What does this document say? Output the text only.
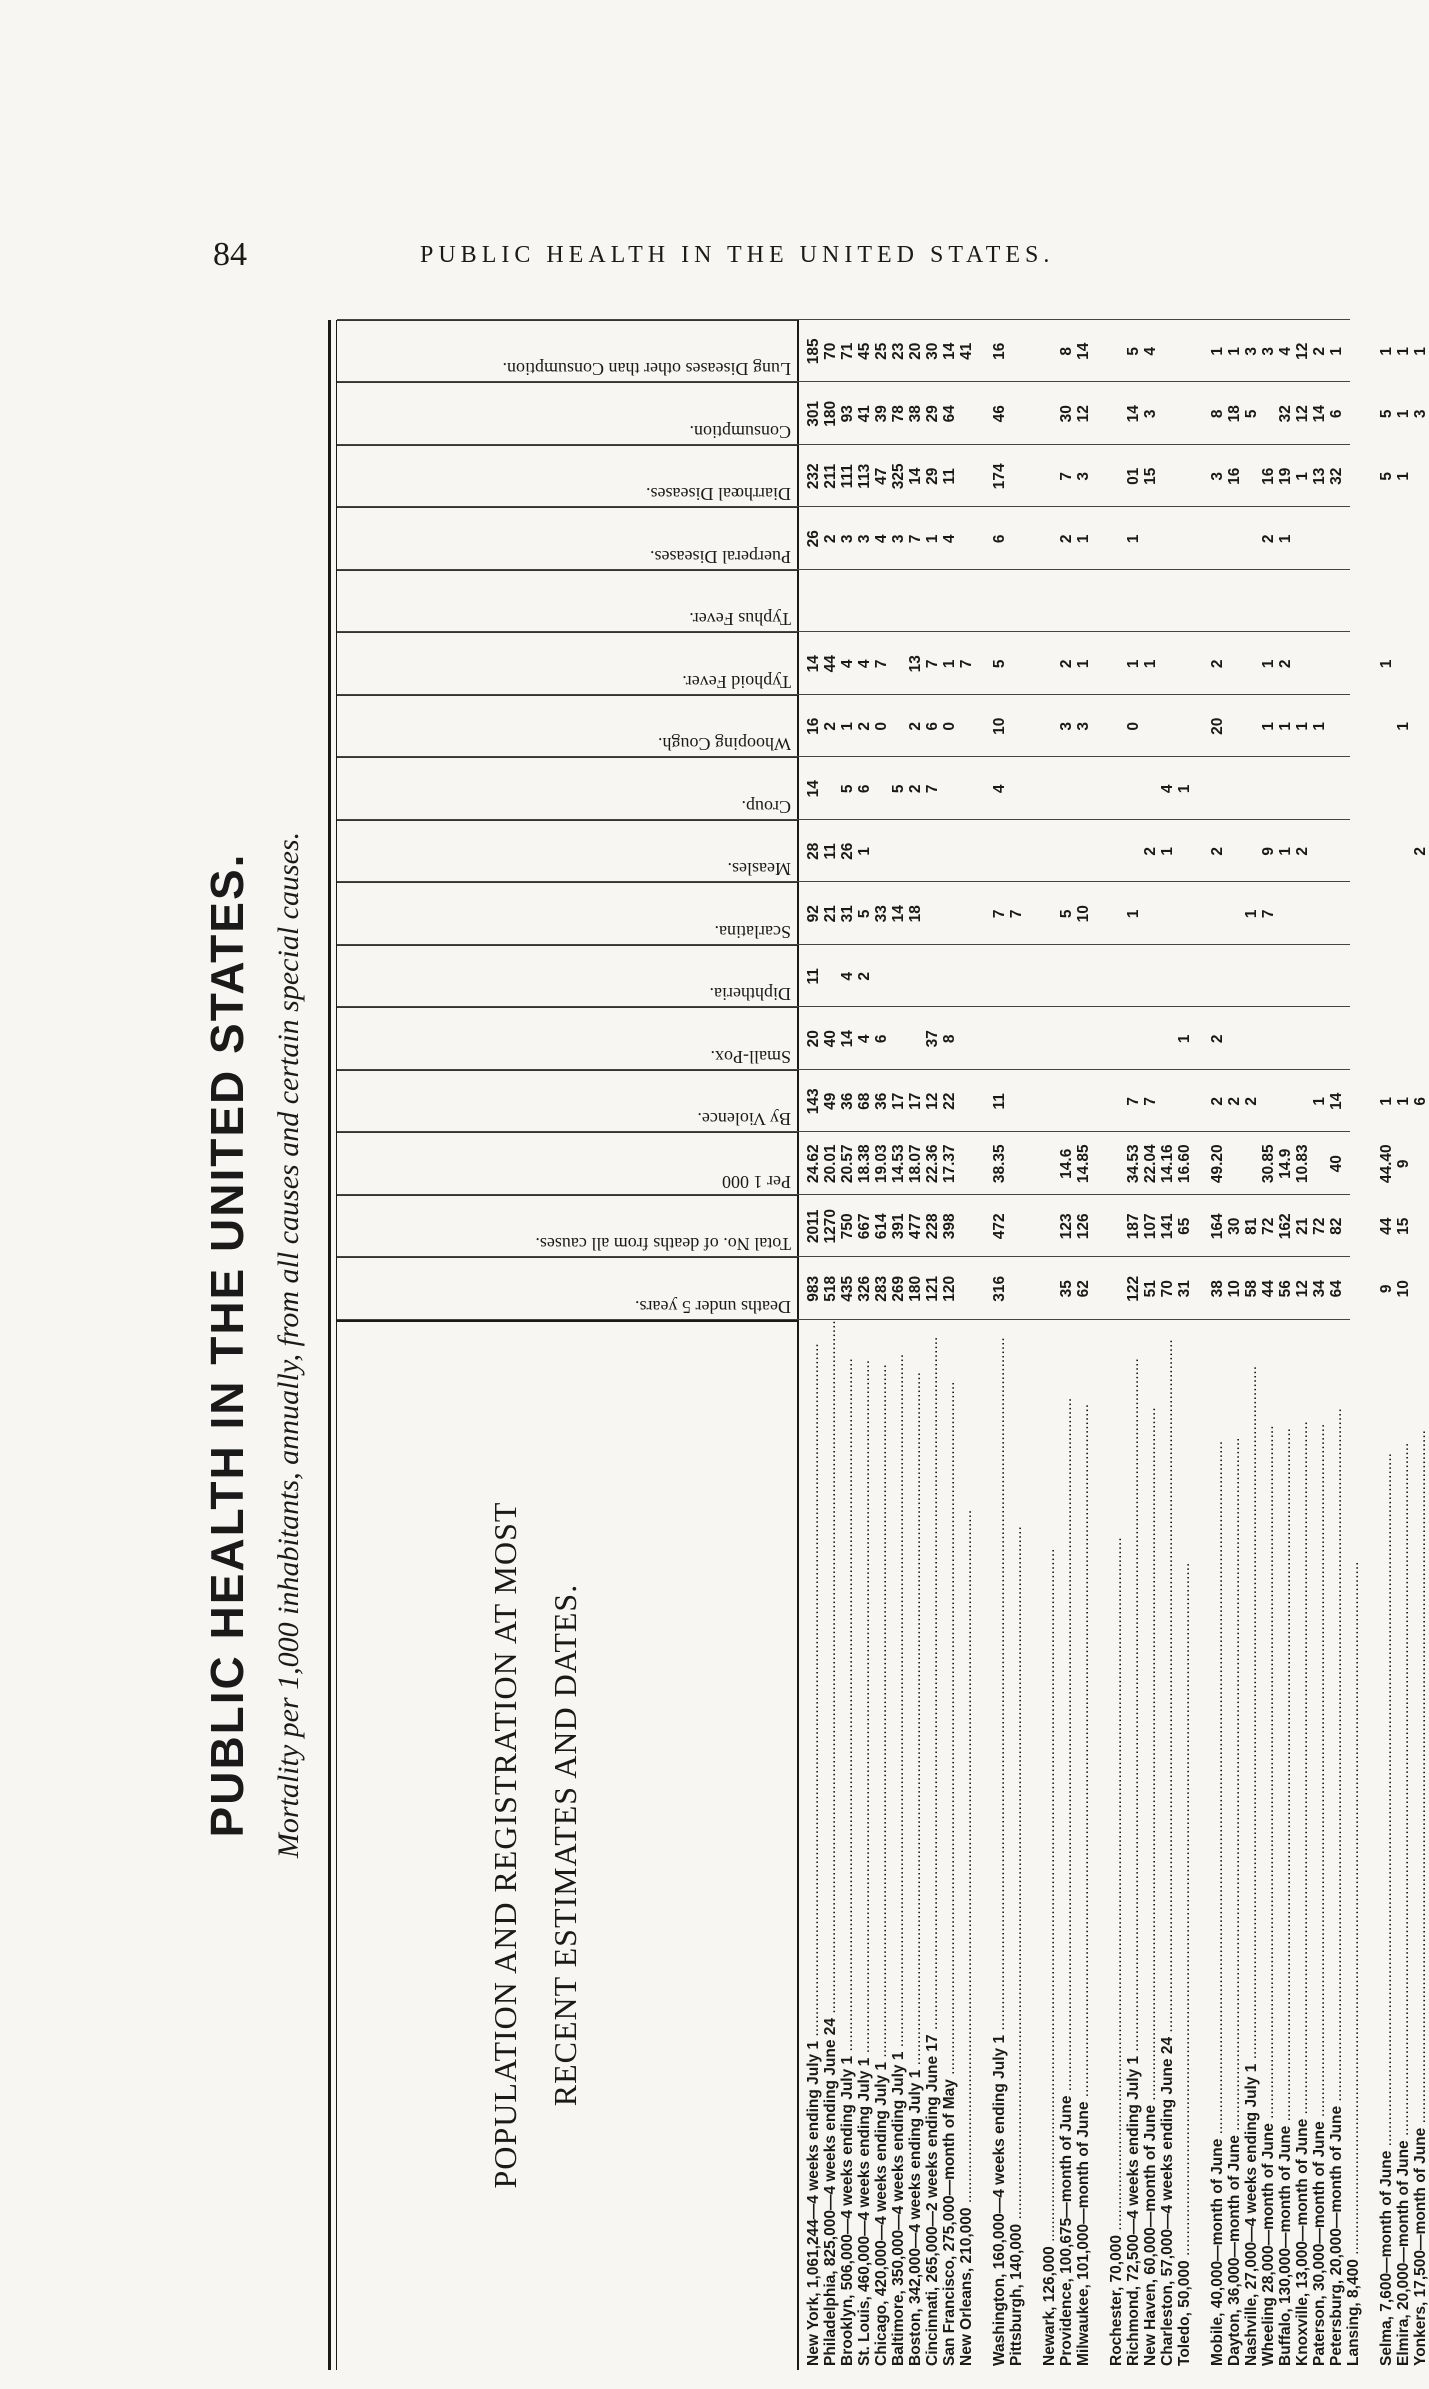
84	PUBLIC HEALTH IN THE UNITED STATES.
PUBLIC HEALTH IN THE UNITED STATES. Mortality per 1,000 inhabitants, annually, from all causes and certain special causes.	POPULATION AND REGISTRATION AT MOST RECENT ESTIMATES AND DATES.
Deaths under 5 years.
Total No. of deaths from all causes.
Per 1 000
By Violence.
Small-Pox.
Diphtheria.
Scarlatina.
Measles.
Croup.
Whooping Cough.
Typhoid Fever.
Typhus Fever.
Puerperal Diseases.
Diarrhœal Diseases.
Consumption.
Lung Diseases other than Consumption.
New York, 1,061,244—4 weeks ending July 1 .....
983
2011
24.62
143
20
11
92
28
14
16
14
26
232
301
185
Philadelphia, 825,000—4 weeks ending June 24 .....
518
1270
20.01
49
40
21
11
2
44
2
211
180
70
Brooklyn, 506,000—4 weeks ending July 1 .....
435
750
20.57
36
14
4
31
26
5
1
4
3
111
93
71
St. Louis, 460,000—4 weeks ending July 1 .....
326
667
18.38
68
4
2
5
1
6
2
4
3
113
41
45
Chicago, 420,000—4 weeks ending July 1 .....
283
614
19.03
36
6
33
0
7
4
47
39
25
Baltimore, 350,000—4 weeks ending July 1 .....
269
391
14.53
17
14
5
3
325
78
23
Boston, 342,000—4 weeks ending July 1 .....
180
477
18.07
17
18
2
2
13
7
14
38
20
Cincinnati, 265,000—2 weeks ending June 17 .....
121
228
22.36
12
37
7
6
7
1
29
29
30
San Francisco, 275,000—month of May .....
120
398
17.37
22
8
0
1
4
11
64
14
New Orleans, 210,000 .....
7
41
Washington, 160,000—4 weeks ending July 1 .....
316
472
38.35
11
7
4
10
5
6
174
46
16
Pittsburgh, 140,000 .....
7
Newark, 126,000 ..... Providence, 100,675—month of June .....
35
123
14.6
5
3
2
2
7
30
8
Milwaukee, 101,000—month of June .....
62
126
14.85
10
3
1
1
3
12
14
Rochester, 70,000 ..... Richmond, 72,500—4 weeks ending July 1 .....
122
187
34.53
7
1
0
1
1
01
14
5
New Haven, 60,000—month of June .....
51
107
22.04
7
2
1
15
3
4
Charleston, 57,000—4 weeks ending June 24 .....
70
141
14.16
1
4
Toledo, 50,000 .....
31
65
16.60
1
1
Mobile, 40,000—month of June .....
38
164
49.20
2
2
2
20
2
3
8
1
Dayton, 36,000—month of June .....
10
30
2
16
18
1
Nashville, 27,000—4 weeks ending July 1 .....
58
81
2
1
5
3
Wheeling 28,000—month of June .....
44
72
30.85
7
9
1
1
2
16
3
Buffalo, 130,000—month of June .....
56
162
14.9
1
1
2
1
19
32
4
Knoxville, 13,000—month of June .....
12
21
10.83
2
1
1
12
12
Paterson, 30,000—month of June .....
34
72
1
1
13
14
2
Petersburg, 20,000—month of June .....
64
82
40
14
32
6
1
Lansing, 8,400 ..... Selma, 7,600—month of June .....
9
44
44.40
1
1
5
5
1
Elmira, 20,000—month of June .....
10
15
9
1
1
1
1
1
Yonkers, 17,500—month of June .....
6
2
3
1
